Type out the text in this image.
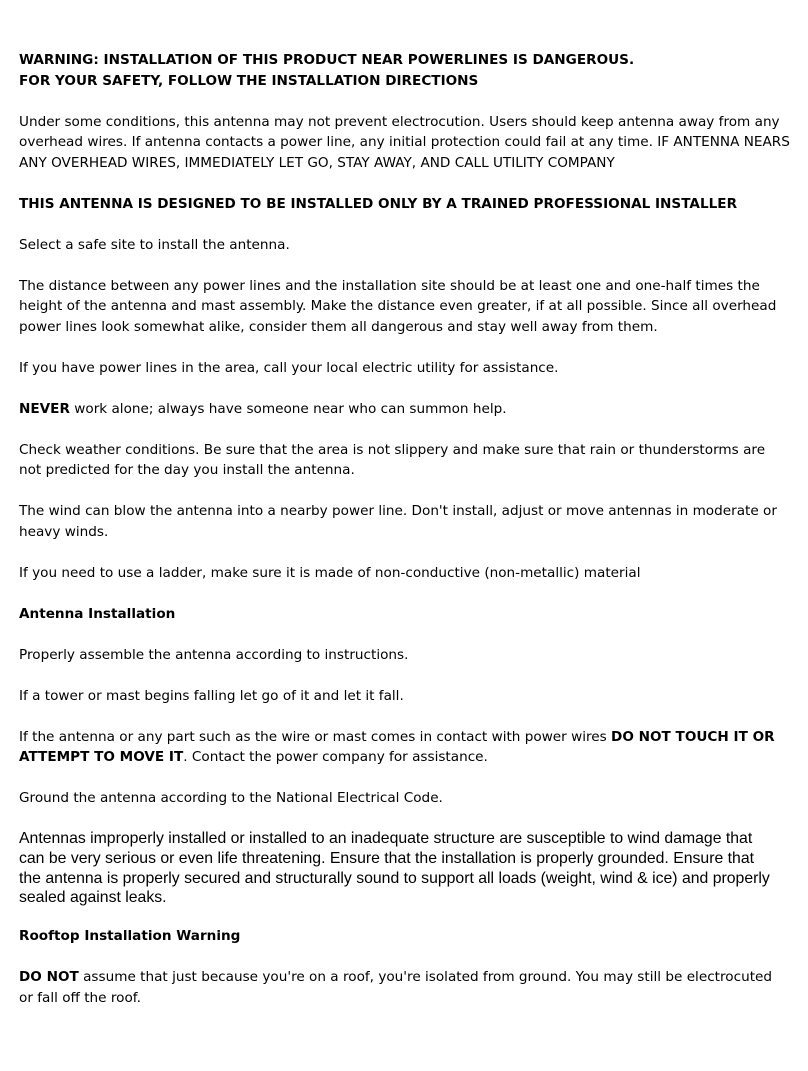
WARNING: INSTALLATION OF THIS PRODUCT NEAR POWERLINES IS DANGEROUS.
FOR YOUR SAFETY, FOLLOW THE INSTALLATION DIRECTIONS

Under some conditions, this antenna may not prevent electrocution. Users should keep antenna away from any
overhead wires. If antenna contacts a power line, any initial protection could fail at any time. IF ANTENNA NEARS
ANY OVERHEAD WIRES, IMMEDIATELY LET GO, STAY AWAY, AND CALL UTILITY COMPANY

THIS ANTENNA IS DESIGNED TO BE INSTALLED ONLY BY A TRAINED PROFESSIONAL INSTALLER

Select a safe site to install the antenna.

The distance between any power lines and the installation site should be at least one and one-half times the
height of the antenna and mast assembly. Make the distance even greater, if at all possible. Since all overhead
power lines look somewhat alike, consider them all dangerous and stay well away from them.

If you have power lines in the area, call your local electric utility for assistance.

NEVER work alone; always have someone near who can summon help.

Check weather conditions. Be sure that the area is not slippery and make sure that rain or thunderstorms are
not predicted for the day you install the antenna.

The wind can blow the antenna into a nearby power line. Don't install, adjust or move antennas in moderate or
heavy winds.

If you need to use a ladder, make sure it is made of non-conductive (non-metallic) material

Antenna Installation

Properly assemble the antenna according to instructions.

If a tower or mast begins falling let go of it and let it fall.

If the antenna or any part such as the wire or mast comes in contact with power wires DO NOT TOUCH IT OR
ATTEMPT TO MOVE IT. Contact the power company for assistance.

Ground the antenna according to the National Electrical Code.

Antennas improperly installed or installed to an inadequate structure are susceptible to wind damage that
can be very serious or even life threatening. Ensure that the installation is properly grounded. Ensure that
the antenna is properly secured and structurally sound to support all loads (weight, wind & ice) and properly
sealed against leaks.

Rooftop Installation Warning

DO NOT assume that just because you're on a roof, you're isolated from ground. You may still be electrocuted
or fall off the roof.
